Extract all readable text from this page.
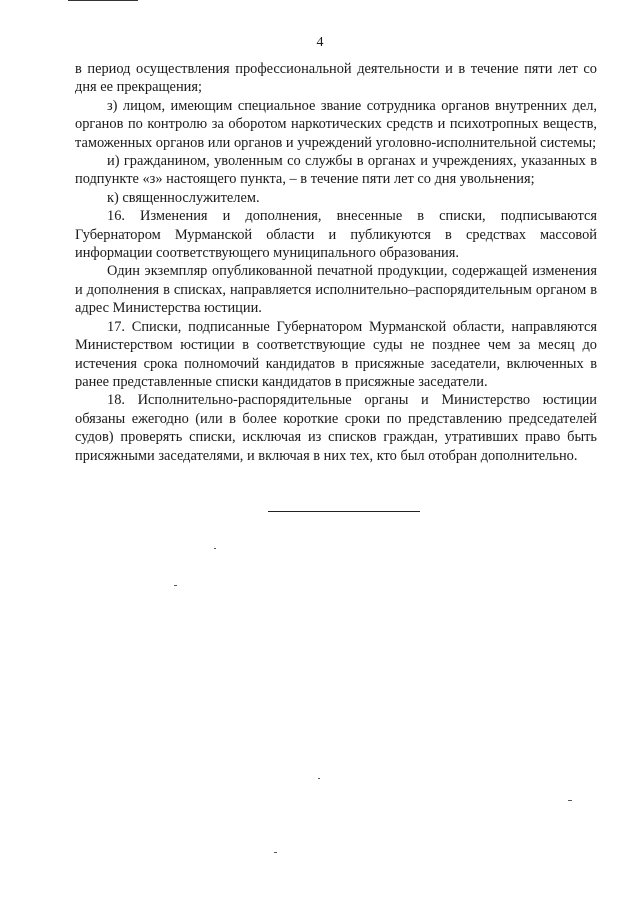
4

в период осуществления профессиональной деятельности и в течение пяти лет со дня ее прекращения;

з) лицом, имеющим специальное звание сотрудника органов внутренних дел, органов по контролю за оборотом наркотических средств и психотропных веществ, таможенных органов или органов и учреждений уголовно-исполнительной системы;

и) гражданином, уволенным со службы в органах и учреждениях, указанных в подпункте «з» настоящего пункта, – в течение пяти лет со дня увольнения;

к) священнослужителем.

16. Изменения и дополнения, внесенные в списки, подписываются Губернатором Мурманской области и публикуются в средствах массовой информации соответствующего муниципального образования.

Один экземпляр опубликованной печатной продукции, содержащей изменения и дополнения в списках, направляется исполнительно–распорядительным органом в адрес Министерства юстиции.

17. Списки, подписанные Губернатором Мурманской области, направляются Министерством юстиции в соответствующие суды не позднее чем за месяц до истечения срока полномочий кандидатов в присяжные заседатели, включенных в ранее представленные списки кандидатов в присяжные заседатели.

18. Исполнительно-распорядительные органы и Министерство юстиции обязаны ежегодно (или в более короткие сроки по представлению председателей судов) проверять списки, исключая из списков граждан, утративших право быть присяжными заседателями, и включая в них тех, кто был отобран дополнительно.
